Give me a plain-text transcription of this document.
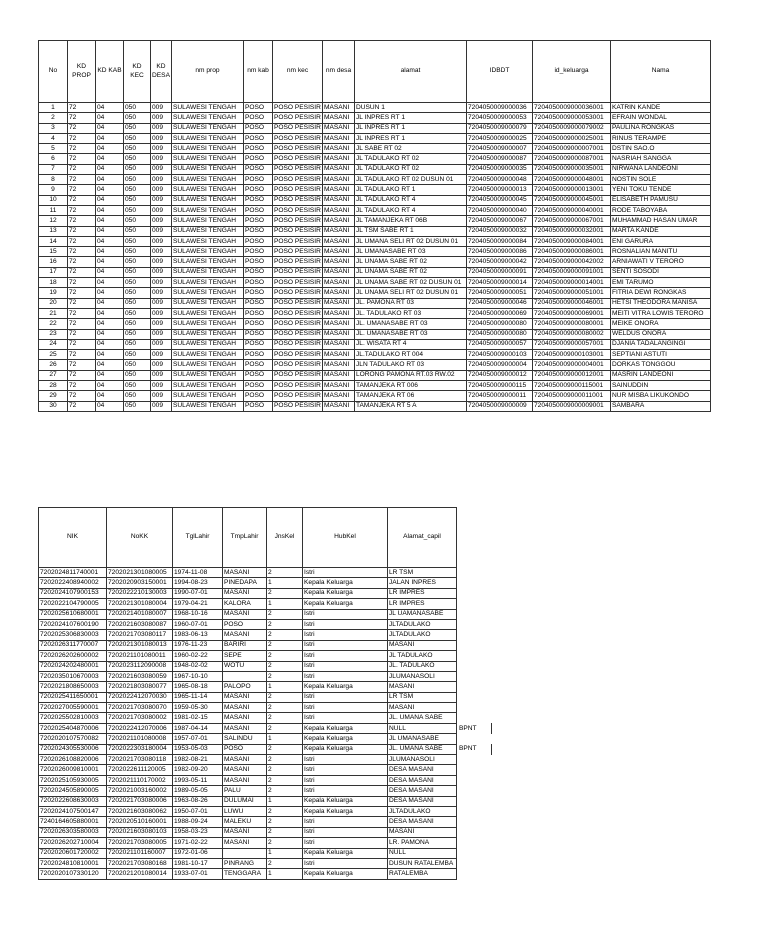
No	KD PROP	KD KAB	KD KEC	KD DESA	nm prop	nm kab	nm kec	nm desa	alamat	IDBDT	id_keluarga	Nama
1	72	04	050	009	SULAWESI TENGAH	POSO	POSO PESISIR	MASANI	DUSUN 1	7204050009000036	7204050009000036001	KATRIN KANDE
2	72	04	050	009	SULAWESI TENGAH	POSO	POSO PESISIR	MASANI	JL INPRES RT 1	7204050009000053	7204050009000053001	EFRAIN WONDAL
3	72	04	050	009	SULAWESI TENGAH	POSO	POSO PESISIR	MASANI	JL INPRES RT 1	7204050009000079	7204050009000079002	PAULINA RONGKAS
4	72	04	050	009	SULAWESI TENGAH	POSO	POSO PESISIR	MASANI	JL INPRES RT 1	7204050009000025	7204050009000025001	RINUS TERAMPE
5	72	04	050	009	SULAWESI TENGAH	POSO	POSO PESISIR	MASANI	JL SABE RT 02	7204050009000007	7204050009000007001	DSTIN SAO.O
6	72	04	050	009	SULAWESI TENGAH	POSO	POSO PESISIR	MASANI	JL TADULAKO RT 02	7204050009000087	7204050009000087001	NASRIAH SANGGA
7	72	04	050	009	SULAWESI TENGAH	POSO	POSO PESISIR	MASANI	JL TADULAKO RT 02	7204050009000035	7204050009000035001	NIRWANA LANDEONI
8	72	04	050	009	SULAWESI TENGAH	POSO	POSO PESISIR	MASANI	JL TADULAKO RT 02 DUSUN 01	7204050009000048	7204050009000048001	NOSTIN SOLE
9	72	04	050	009	SULAWESI TENGAH	POSO	POSO PESISIR	MASANI	JL TADULAKO RT 1	7204050009000013	7204050009000013001	YENI TOKU TENDE
10	72	04	050	009	SULAWESI TENGAH	POSO	POSO PESISIR	MASANI	JL TADULAKO RT 4	7204050009000045	7204050009000045001	ELISABETH PAMUSU
11	72	04	050	009	SULAWESI TENGAH	POSO	POSO PESISIR	MASANI	JL TADULAKO RT 4	7204050009000040	7204050009000040001	RODE TABOYABA
12	72	04	050	009	SULAWESI TENGAH	POSO	POSO PESISIR	MASANI	JL TAMANJEKA RT 06B	7204050009000067	7204050009000067001	MUHAMMAD HASAN UMAR
13	72	04	050	009	SULAWESI TENGAH	POSO	POSO PESISIR	MASANI	JL TSM SABE RT 1	7204050009000032	7204050009000032001	MARTA KANDE
14	72	04	050	009	SULAWESI TENGAH	POSO	POSO PESISIR	MASANI	JL UMANA SELI RT 02 DUSUN 01	7204050009000084	7204050009000084001	ENI GARURA
15	72	04	050	009	SULAWESI TENGAH	POSO	POSO PESISIR	MASANI	JL UMANASABE RT 03	7204050009000086	7204050009000086001	ROSNALIAN MANITU
16	72	04	050	009	SULAWESI TENGAH	POSO	POSO PESISIR	MASANI	JL UNAMA SABE RT 02	7204050009000042	7204050009000042002	ARNIAWATI V TERORO
17	72	04	050	009	SULAWESI TENGAH	POSO	POSO PESISIR	MASANI	JL UNAMA SABE RT 02	7204050009000091	7204050009000091001	SENTI SOSODI
18	72	04	050	009	SULAWESI TENGAH	POSO	POSO PESISIR	MASANI	JL UNAMA SABE RT 02 DUSUN 01	7204050009000014	7204050009000014001	EMI TARUMO
19	72	04	050	009	SULAWESI TENGAH	POSO	POSO PESISIR	MASANI	JL UNAMA SELI RT 02 DUSUN 01	7204050009000051	7204050009000051001	FITRIA DEWI RONGKAS
20	72	04	050	009	SULAWESI TENGAH	POSO	POSO PESISIR	MASANI	JL. PAMONA RT 03	7204050009000046	7204050009000046001	HETSI THEODORA MANISA
21	72	04	050	009	SULAWESI TENGAH	POSO	POSO PESISIR	MASANI	JL. TADULAKO RT 03	7204050009000069	7204050009000069001	MEITI VITRA LOWIS TERORO
22	72	04	050	009	SULAWESI TENGAH	POSO	POSO PESISIR	MASANI	JL. UMANASABE RT 03	7204050009000080	7204050009000080001	MEIKE ONORA
23	72	04	050	009	SULAWESI TENGAH	POSO	POSO PESISIR	MASANI	JL. UMANASABE RT 03	7204050009000080	7204050009000080002	WELDUS ONORA
24	72	04	050	009	SULAWESI TENGAH	POSO	POSO PESISIR	MASANI	JL. WISATA RT 4	7204050009000057	7204050009000057001	DJANIA TADALANGINGI
25	72	04	050	009	SULAWESI TENGAH	POSO	POSO PESISIR	MASANI	JL.TADULAKO RT 004	7204050009000103	7204050009000103001	SEPTIANI ASTUTI
26	72	04	050	009	SULAWESI TENGAH	POSO	POSO PESISIR	MASANI	JLN TADULAKO RT 03	7204050009000004	7204050009000004001	DORKAS TONGGOU
27	72	04	050	009	SULAWESI TENGAH	POSO	POSO PESISIR	MASANI	LORONG PAMONA RT.03 RW.02	7204050009000012	7204050009000012001	MASRIN LANDEONI
28	72	04	050	009	SULAWESI TENGAH	POSO	POSO PESISIR	MASANI	TAMANJEKA RT 006	7204050009000115	7204050009000115001	SAINUDDIN
29	72	04	050	009	SULAWESI TENGAH	POSO	POSO PESISIR	MASANI	TAMANJEKA RT 06	7204050009000011	7204050009000011001	NUR MISBA LIKUKONDO
30	72	04	050	009	SULAWESI TENGAH	POSO	POSO PESISIR	MASANI	TAMANJEKA RT 5 A	7204050009000009	7204050009000009001	SAMBARA
NIK	NoKK	TglLahir	TmpLahir	JnsKel	HubKel	Alamat_capil	
7202024811740001	7202021301080005	1974-11-08	MASANI	2	Istri	LR TSM	
7202022408940002	7202020903150001	1994-08-23	PINEDAPA	1	Kepala Keluarga	JALAN INPRES	
7202024107900153	7202022210130003	1990-07-01	MASANI	2	Kepala Keluarga	LR IMPRES	
7202022104790005	7202021301080004	1979-04-21	KALORA	1	Kepala Keluarga	LR IMPRES	
7202025610680001	7202021401080007	1968-10-16	MASANI	2	Istri	JL UAMANASABE	
7202024107600190	7202021603080087	1960-07-01	POSO	2	Istri	JLTADULAKO	
7202025306830003	7202021703080117	1983-06-13	MASANI	2	Istri	JLTADULAKO	
7202026311770007	7202021301080013	1976-11-23	BARIRI	2	Istri	MASANI	
7202026202600002	7202021101080011	1960-02-22	SEPE	2	Istri	JL TADULAKO	
7202024202480001	7202023112090008	1948-02-02	WOTU	2	Istri	JL. TADULAKO	
7202035010670003	7202021603080059	1967-10-10		2	Istri	JLUMANASOLI	
7202021808650003	7202021803080077	1965-08-18	PALOPO	1	Kepala Keluarga	MASANI	
7202025411650001	7202022412070030	1965-11-14	MASANI	2	Istri	LR TSM	
7202027005590001	7202021703080070	1959-05-30	MASANI	2	Istri	MASANI	
7202025502810003	7202021703080002	1981-02-15	MASANI	2	Istri	JL. UMANA SABE	
7202025404870006	7202022412070006	1987-04-14	MASANI	2	Kepala Keluarga	NULL	BPNT
7202020107570082	7202021101080008	1957-07-01	SALINDU	1	Kepala Keluarga	JL UMANASABE	
7202024305530006	7202022303180004	1953-05-03	POSO	2	Kepala Keluarga	JL. UMANA SABE	BPNT
7202026108820006	7202021703080118	1982-08-21	MASANI	2	Istri	JLUMANASOLI	
7202026009810001	7202022611120005	1982-09-20	MASANI	2	Istri	DESA MASANI	
7202025105930005	7202021110170002	1993-05-11	MASANI	2	Istri	DESA MASANI	
7202024505890005	7202021003160002	1989-05-05	PALU	2	Istri	DESA MASANI	
7202022608630003	7202021703080006	1963-08-26	DULUMAI	1	Kepala Keluarga	DESA MASANI	
7202024107500147	7202021603080062	1950-07-01	LUWU	2	Kepala Keluarga	JLTADULAKO	
7240164605880001	7202020510160001	1988-09-24	MALEKU	2	Istri	DESA MASANI	
7202026303580003	7202021603080103	1958-03-23	MASANI	2	Istri	MASANI	
7202026202710004	7202021703080005	1971-02-22	MASANI	2	Istri	LR. PAMONA	
7202020601720002	7202021101160007	1972-01-06		1	Kepala Keluarga	NULL	
7202024810810001	7202021703080168	1981-10-17	PINRANG	2	Istri	DUSUN RATALEMBA	
7202020107330120	7202021201080014	1933-07-01	TENGGARA	1	Kepala Keluarga	RATALEMBA	
